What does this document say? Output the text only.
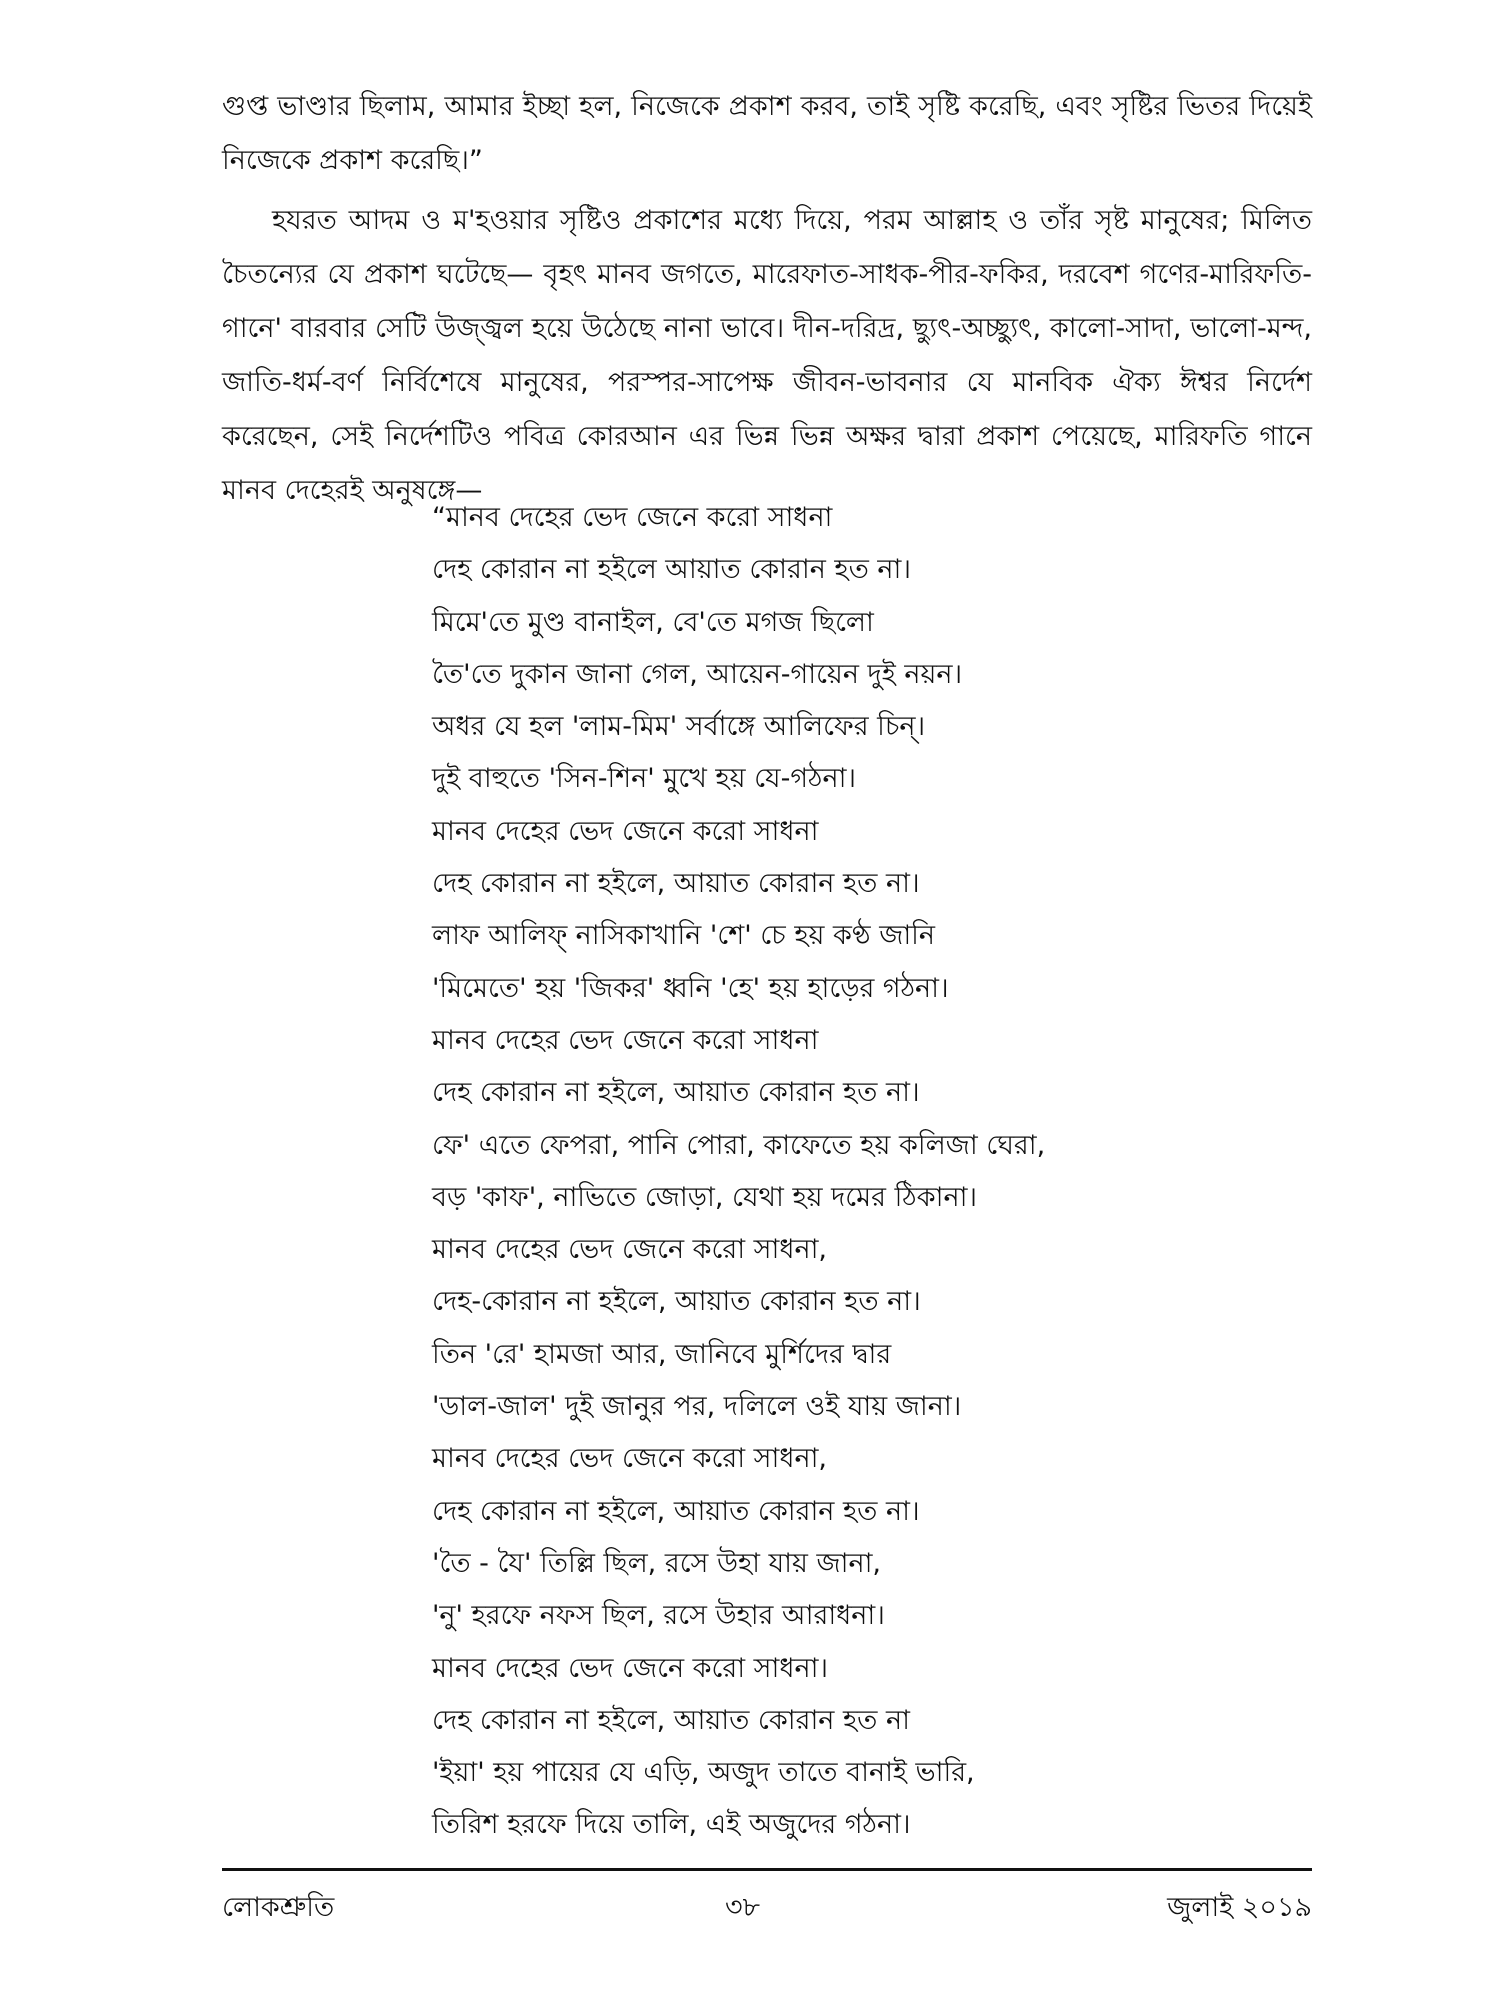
গুপ্ত ভাণ্ডার ছিলাম, আমার ইচ্ছা হল, নিজেকে প্রকাশ করব, তাই সৃষ্টি করেছি, এবং সৃষ্টির ভিতর দিয়েই নিজেকে প্রকাশ করেছি।”

হযরত আদম ও ম'হওয়ার সৃষ্টিও প্রকাশের মধ্যে দিয়ে, পরম আল্লাহ ও তাঁর সৃষ্ট মানুষের; মিলিত চৈতন্যের যে প্রকাশ ঘটেছে— বৃহৎ মানব জগতে, মারেফাত-সাধক-পীর-ফকির, দরবেশ গণের-মারিফতি-গানে' বারবার সেটি উজ্জ্বল হয়ে উঠেছে নানা ভাবে। দীন-দরিদ্র, ছ্যুৎ-অচ্ছ্যুৎ, কালো-সাদা, ভালো-মন্দ, জাতি-ধর্ম-বর্ণ নির্বিশেষে মানুষের, পরস্পর-সাপেক্ষ জীবন-ভাবনার যে মানবিক ঐক্য ঈশ্বর নির্দেশ করেছেন, সেই নির্দেশটিও পবিত্র কোরআন এর ভিন্ন ভিন্ন অক্ষর দ্বারা প্রকাশ পেয়েছে, মারিফতি গানে মানব দেহেরই অনুষঙ্গে—

“মানব দেহের ভেদ জেনে করো সাধনা
দেহ কোরান না হইলে আয়াত কোরান হত না।
মিমে'তে মুণ্ড বানাইল, বে'তে মগজ ছিলো
তৈ'তে দুকান জানা গেল, আয়েন-গায়েন দুই নয়ন।
অধর যে হল 'লাম-মিম' সর্বাঙ্গে আলিফের চিন্।
দুই বাহুতে 'সিন-শিন' মুখে হয় যে-গঠনা।
মানব দেহের ভেদ জেনে করো সাধনা
দেহ কোরান না হইলে, আয়াত কোরান হত না।
লাফ আলিফ্ নাসিকাখানি 'শে' চে হয় কণ্ঠ জানি
'মিমেতে' হয় 'জিকর' ধ্বনি 'হে' হয় হাড়ের গঠনা।
মানব দেহের ভেদ জেনে করো সাধনা
দেহ কোরান না হইলে, আয়াত কোরান হত না।
ফে' এতে ফেপরা, পানি পোরা, কাফেতে হয় কলিজা ঘেরা,
বড় 'কাফ', নাভিতে জোড়া, যেথা হয় দমের ঠিকানা।
মানব দেহের ভেদ জেনে করো সাধনা,
দেহ-কোরান না হইলে, আয়াত কোরান হত না।
তিন 'রে' হামজা আর, জানিবে মুর্শিদের দ্বার
'ডাল-জাল' দুই জানুর পর, দলিলে ওই যায় জানা।
মানব দেহের ভেদ জেনে করো সাধনা,
দেহ কোরান না হইলে, আয়াত কোরান হত না।
'তৈ - যৈ' তিল্লি ছিল, রসে উহা যায় জানা,
'নু' হরফে নফস ছিল, রসে উহার আরাধনা।
মানব দেহের ভেদ জেনে করো সাধনা।
দেহ কোরান না হইলে, আয়াত কোরান হত না
'ইয়া' হয় পায়ের যে এড়ি, অজুদ তাতে বানাই ভারি,
তিরিশ হরফে দিয়ে তালি, এই অজুদের গঠনা।
লোকশ্রুতি	৩৮	জুলাই ২০১৯
